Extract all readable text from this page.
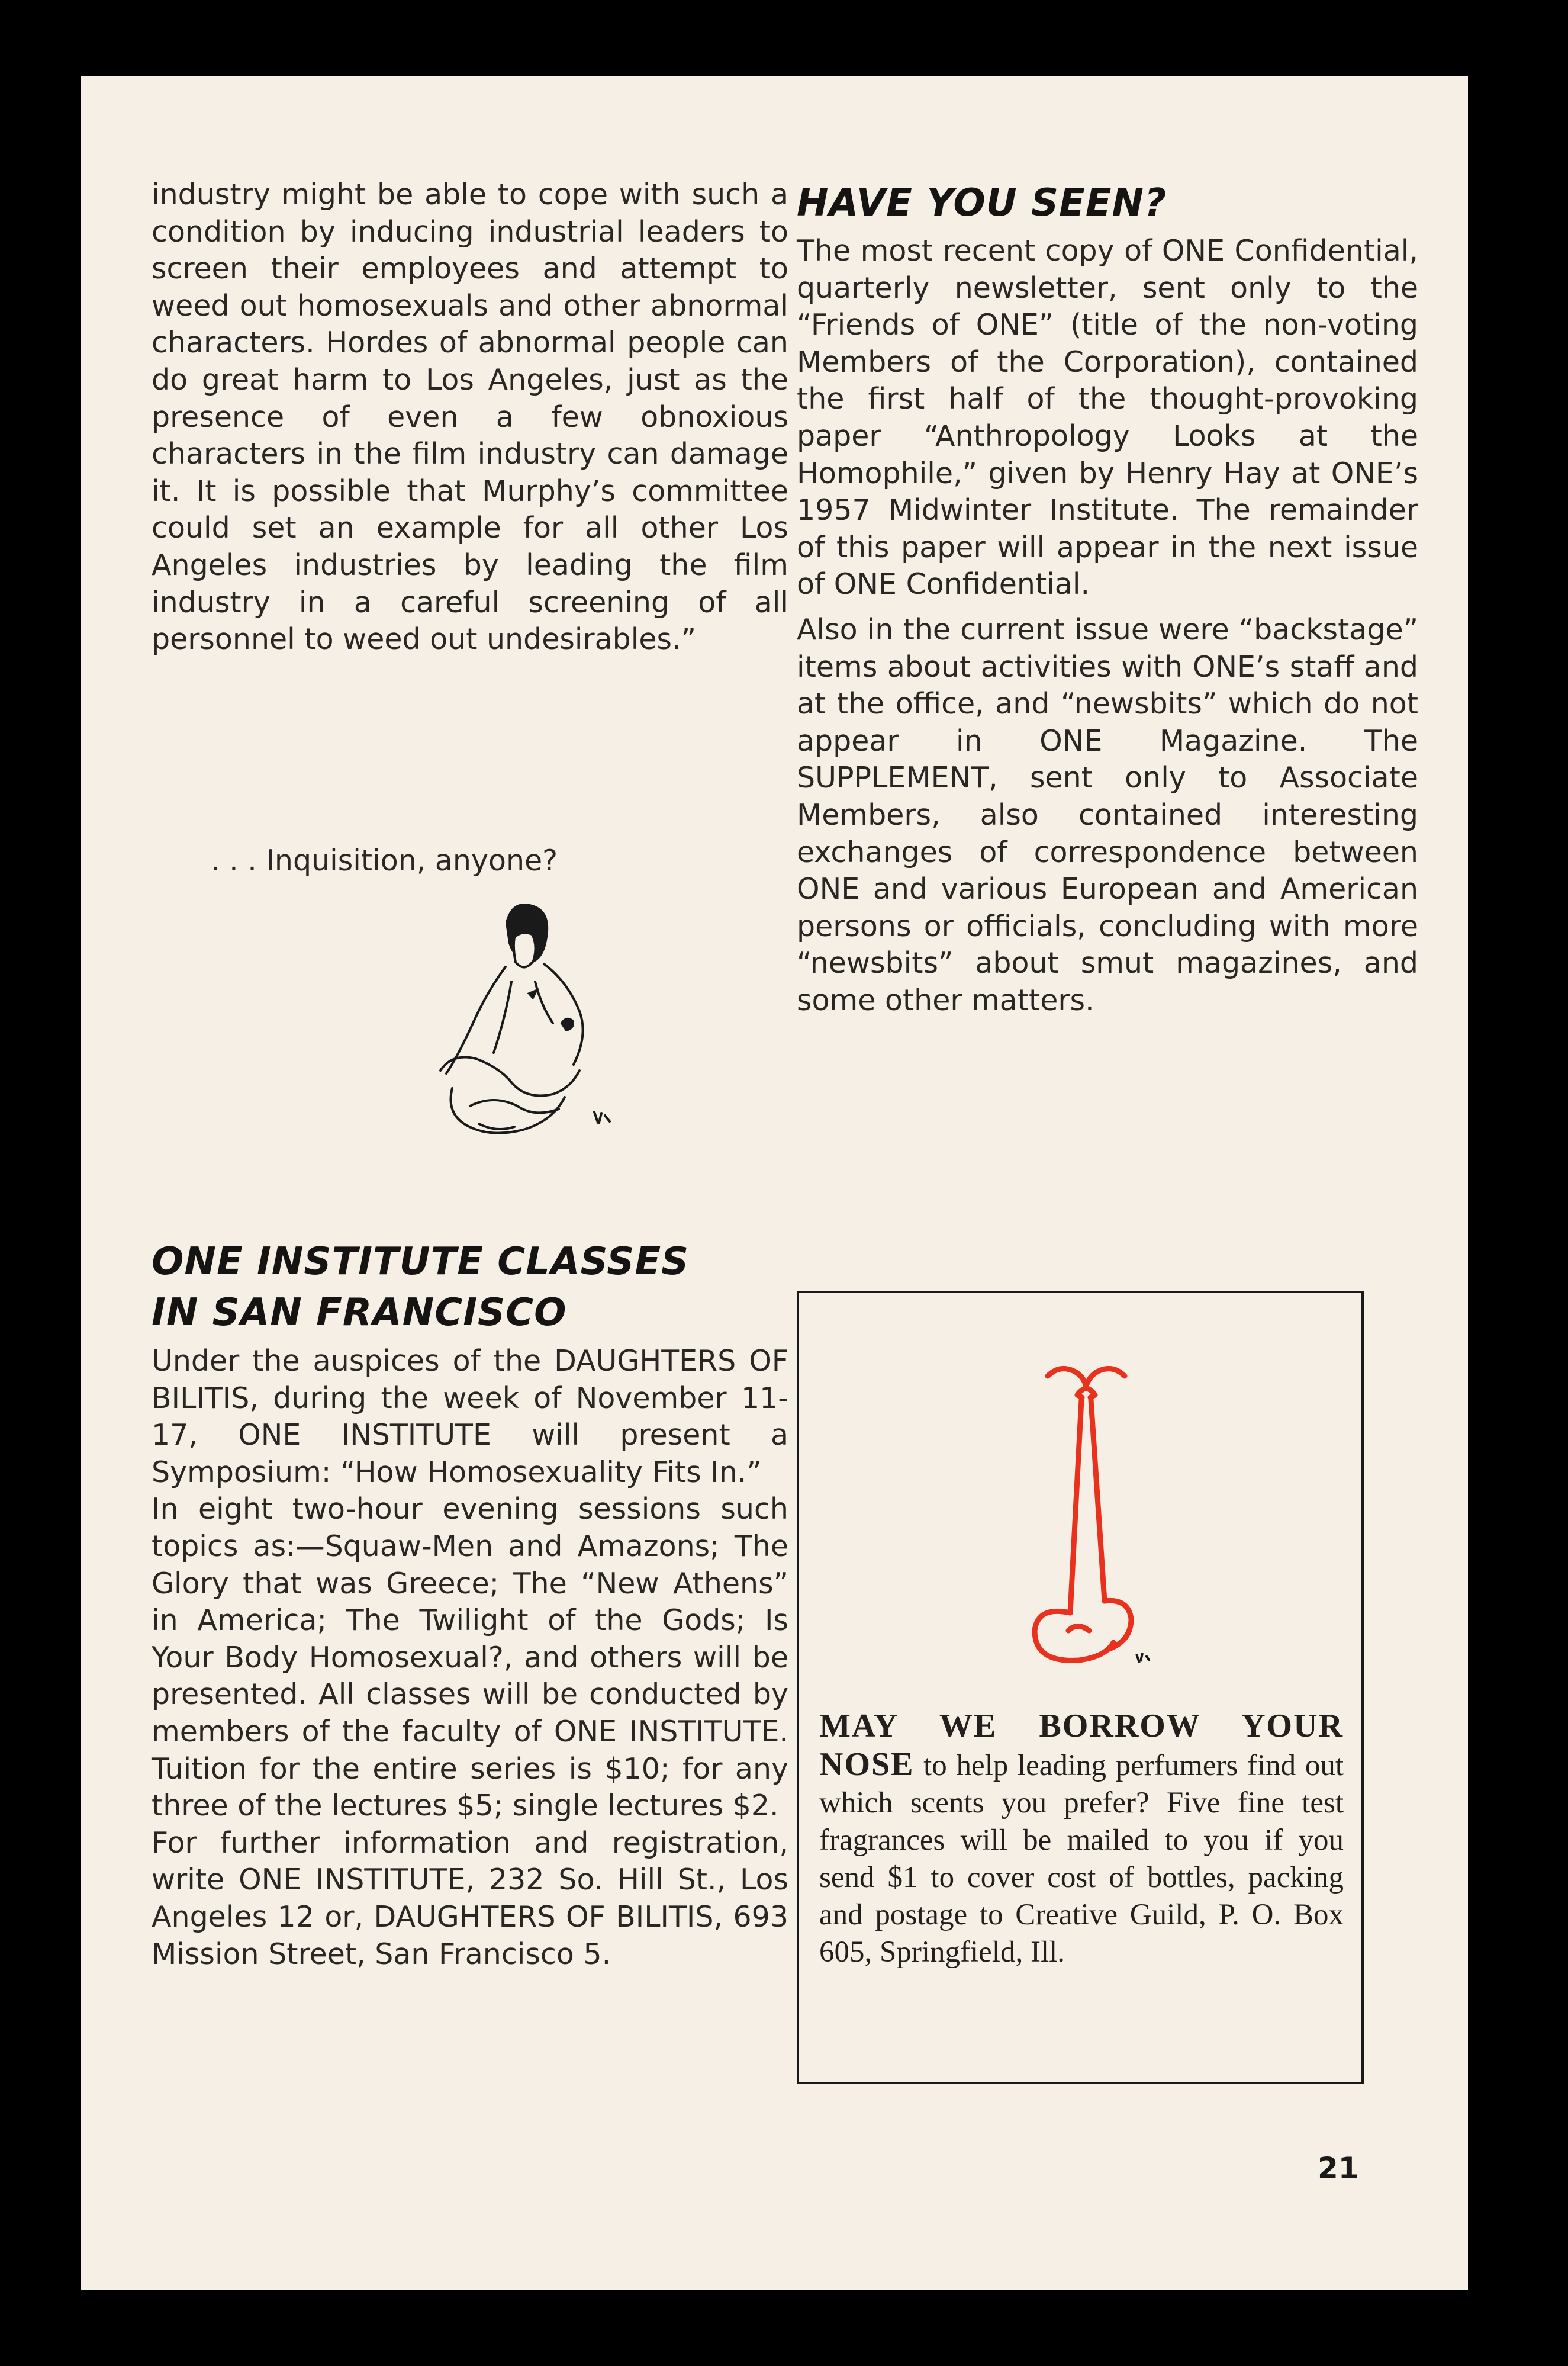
industry might be able to cope with such a condition by inducing industrial leaders to screen their employees and attempt to weed out homosexuals and other abnormal characters. Hordes of abnormal people can do great harm to Los Angeles, just as the presence of even a few obnoxious characters in the film industry can damage it. It is possible that Murphy’s committee could set an example for all other Los Angeles industries by leading the film industry in a careful screening of all personnel to weed out undesirables.”

. . . Inquisition, anyone?

ONE INSTITUTE CLASSES
IN SAN FRANCISCO

Under the auspices of the DAUGHTERS OF BILITIS, during the week of November 11-17, ONE INSTITUTE will present a Symposium: “How Homosexuality Fits In.”

In eight two-hour evening sessions such topics as:—Squaw-Men and Amazons; The Glory that was Greece; The “New Athens” in America; The Twilight of the Gods; Is Your Body Homosexual?, and others will be presented. All classes will be conducted by members of the faculty of ONE INSTITUTE. Tuition for the entire series is $10; for any three of the lectures $5; single lectures $2.

For further information and registration, write ONE INSTITUTE, 232 So. Hill St., Los Angeles 12 or, DAUGHTERS OF BILITIS, 693 Mission Street, San Francisco 5.

HAVE YOU SEEN?

The most recent copy of ONE Confidential, quarterly newsletter, sent only to the “Friends of ONE” (title of the non-voting Members of the Corporation), contained the first half of the thought-provoking paper “Anthropology Looks at the Homophile,” given by Henry Hay at ONE’s 1957 Midwinter Institute. The remainder of this paper will appear in the next issue of ONE Confidential.

Also in the current issue were “backstage” items about activities with ONE’s staff and at the office, and “newsbits” which do not appear in ONE Magazine. The SUPPLEMENT, sent only to Associate Members, also contained interesting exchanges of correspondence between ONE and various European and American persons or officials, concluding with more “newsbits” about smut magazines, and some other matters.

MAY WE BORROW YOUR NOSE to help leading perfumers find out which scents you prefer? Five fine test fragrances will be mailed to you if you send $1 to cover cost of bottles, packing and postage to Creative Guild, P. O. Box 605, Springfield, Ill.

21
